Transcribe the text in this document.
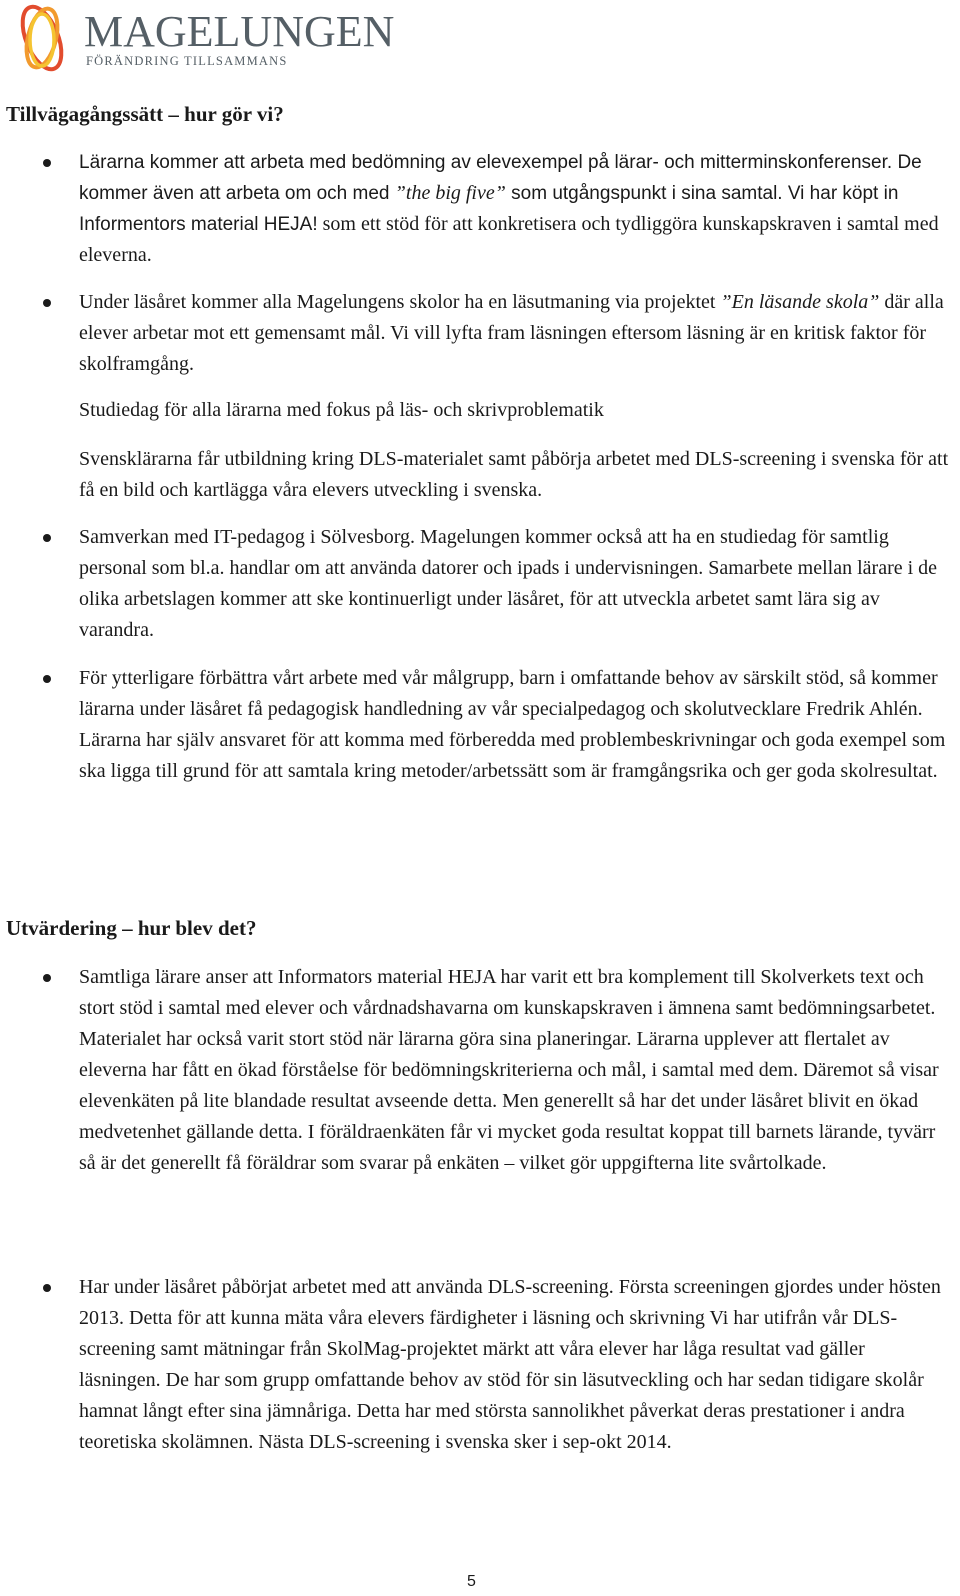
MAGELUNGEN
FÖRÄNDRING TILLSAMMANS
Tillvägagångssätt – hur gör vi?

Lärarna kommer att arbeta med bedömning av elevexempel på lärar- och mitterminskonferenser. De kommer även att arbeta om och med ”the big five” som utgångspunkt i sina samtal. Vi har köpt in Informentors material HEJA! som ett stöd för att konkretisera och tydliggöra kunskapskraven i samtal med eleverna.

Under läsåret kommer alla Magelungens skolor ha en läsutmaning via projektet ”En läsande skola” där alla elever arbetar mot ett gemensamt mål. Vi vill lyfta fram läsningen eftersom läsning är en kritisk faktor för skolframgång.

Studiedag för alla lärarna med fokus på läs- och skrivproblematik

Svensklärarna får utbildning kring DLS-materialet samt påbörja arbetet med DLS-screening i svenska för att få en bild och kartlägga våra elevers utveckling i svenska.

Samverkan med IT-pedagog i Sölvesborg. Magelungen kommer också att ha en studiedag för samtlig personal som bl.a. handlar om att använda datorer och ipads i undervisningen. Samarbete mellan lärare i de olika arbetslagen kommer att ske kontinuerligt under läsåret, för att utveckla arbetet samt lära sig av varandra.

För ytterligare förbättra vårt arbete med vår målgrupp, barn i omfattande behov av särskilt stöd, så kommer lärarna under läsåret få pedagogisk handledning av vår specialpedagog och skolutvecklare Fredrik Ahlén. Lärarna har själv ansvaret för att komma med förberedda med problembeskrivningar och goda exempel som ska ligga till grund för att samtala kring metoder/arbetssätt som är framgångsrika och ger goda skolresultat.

Utvärdering – hur blev det?

Samtliga lärare anser att Informators material HEJA har varit ett bra komplement till Skolverkets text och stort stöd i samtal med elever och vårdnadshavarna om kunskapskraven i ämnena samt bedömningsarbetet. Materialet har också varit stort stöd när lärarna göra sina planeringar. Lärarna upplever att flertalet av eleverna har fått en ökad förståelse för bedömningskriterierna och mål, i samtal med dem. Däremot så visar elevenkäten på lite blandade resultat avseende detta. Men generellt så har det under läsåret blivit en ökad medvetenhet gällande detta. I föräldraenkäten får vi mycket goda resultat koppat till barnets lärande, tyvärr så är det generellt få föräldrar som svarar på enkäten – vilket gör uppgifterna lite svårtolkade.

Har under läsåret påbörjat arbetet med att använda DLS-screening. Första screeningen gjordes under hösten 2013. Detta för att kunna mäta våra elevers färdigheter i läsning och skrivning Vi har utifrån vår DLS-screening samt mätningar från SkolMag-projektet märkt att våra elever har låga resultat vad gäller läsningen. De har som grupp omfattande behov av stöd för sin läsutveckling och har sedan tidigare skolår hamnat långt efter sina jämnåriga. Detta har med största sannolikhet påverkat deras prestationer i andra teoretiska skolämnen. Nästa DLS-screening i svenska sker i sep-okt 2014.

5
